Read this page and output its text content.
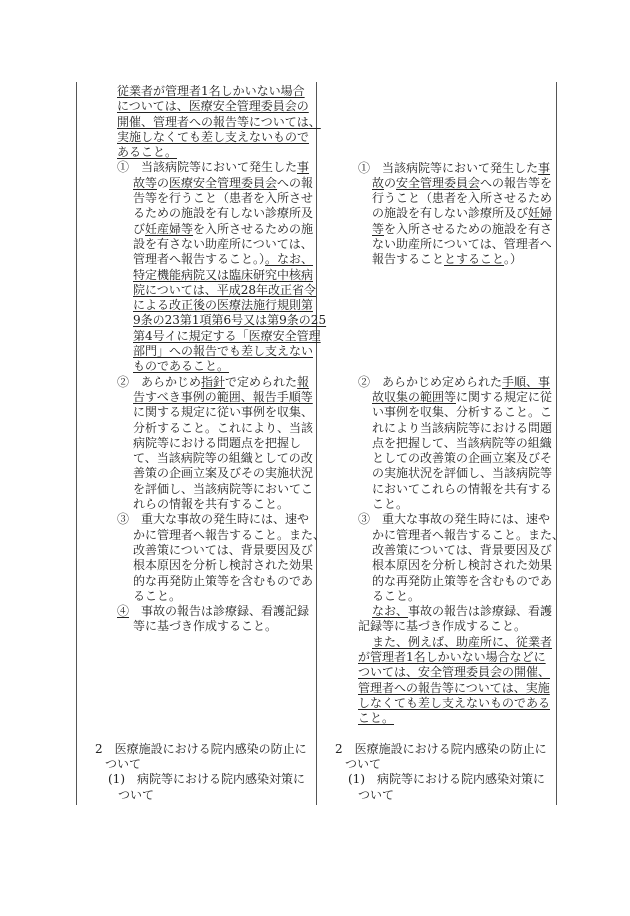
従業者が管理者1名しかいない場合
については、医療安全管理委員会の
開催、管理者への報告等については、
実施しなくても差し支えないもので
あること。
①　当該病院等において発生した事
故等の医療安全管理委員会への報
告等を行うこと（患者を入所させ
るための施設を有しない診療所及
び妊産婦等を入所させるための施
設を有さない助産所については、
管理者へ報告すること。）。なお、
特定機能病院又は臨床研究中核病
院については、平成28年改正省令
による改正後の医療法施行規則第
9条の23第1項第6号又は第9条の25
第4号イに規定する「医療安全管理
部門」への報告でも差し支えない
ものであること。
②　あらかじめ指針で定められた報
告すべき事例の範囲、報告手順等
に関する規定に従い事例を収集、
分析すること。これにより、当該
病院等における問題点を把握し
て、当該病院等の組織としての改
善策の企画立案及びその実施状況
を評価し、当該病院等においてこ
れらの情報を共有すること。
③　重大な事故の発生時には、速や
かに管理者へ報告すること。また、
改善策については、背景要因及び
根本原因を分析し検討された効果
的な再発防止策等を含むものであ
ること。
④　事故の報告は診療録、看護記録
等に基づき作成すること。
2　医療施設における院内感染の防止に
ついて
(1)　病院等における院内感染対策に
ついて
①　当該病院等において発生した事
故の安全管理委員会への報告等を
行うこと（患者を入所させるため
の施設を有しない診療所及び妊婦
等を入所させるための施設を有さ
ない助産所については、管理者へ
報告することとすること。）
②　あらかじめ定められた手順、事
故収集の範囲等に関する規定に従
い事例を収集、分析すること。こ
れにより当該病院等における問題
点を把握して、当該病院等の組織
としての改善策の企画立案及びそ
の実施状況を評価し、当該病院等
においてこれらの情報を共有する
こと。
③　重大な事故の発生時には、速や
かに管理者へ報告すること。また、
改善策については、背景要因及び
根本原因を分析し検討された効果
的な再発防止策等を含むものであ
ること。
なお、事故の報告は診療録、看護
記録等に基づき作成すること。
また、例えば、助産所に、従業者
が管理者1名しかいない場合などに
ついては、安全管理委員会の開催、
管理者への報告等については、実施
しなくても差し支えないものである
こと。
2　医療施設における院内感染の防止に
ついて
(1)　病院等における院内感染対策に
ついて
